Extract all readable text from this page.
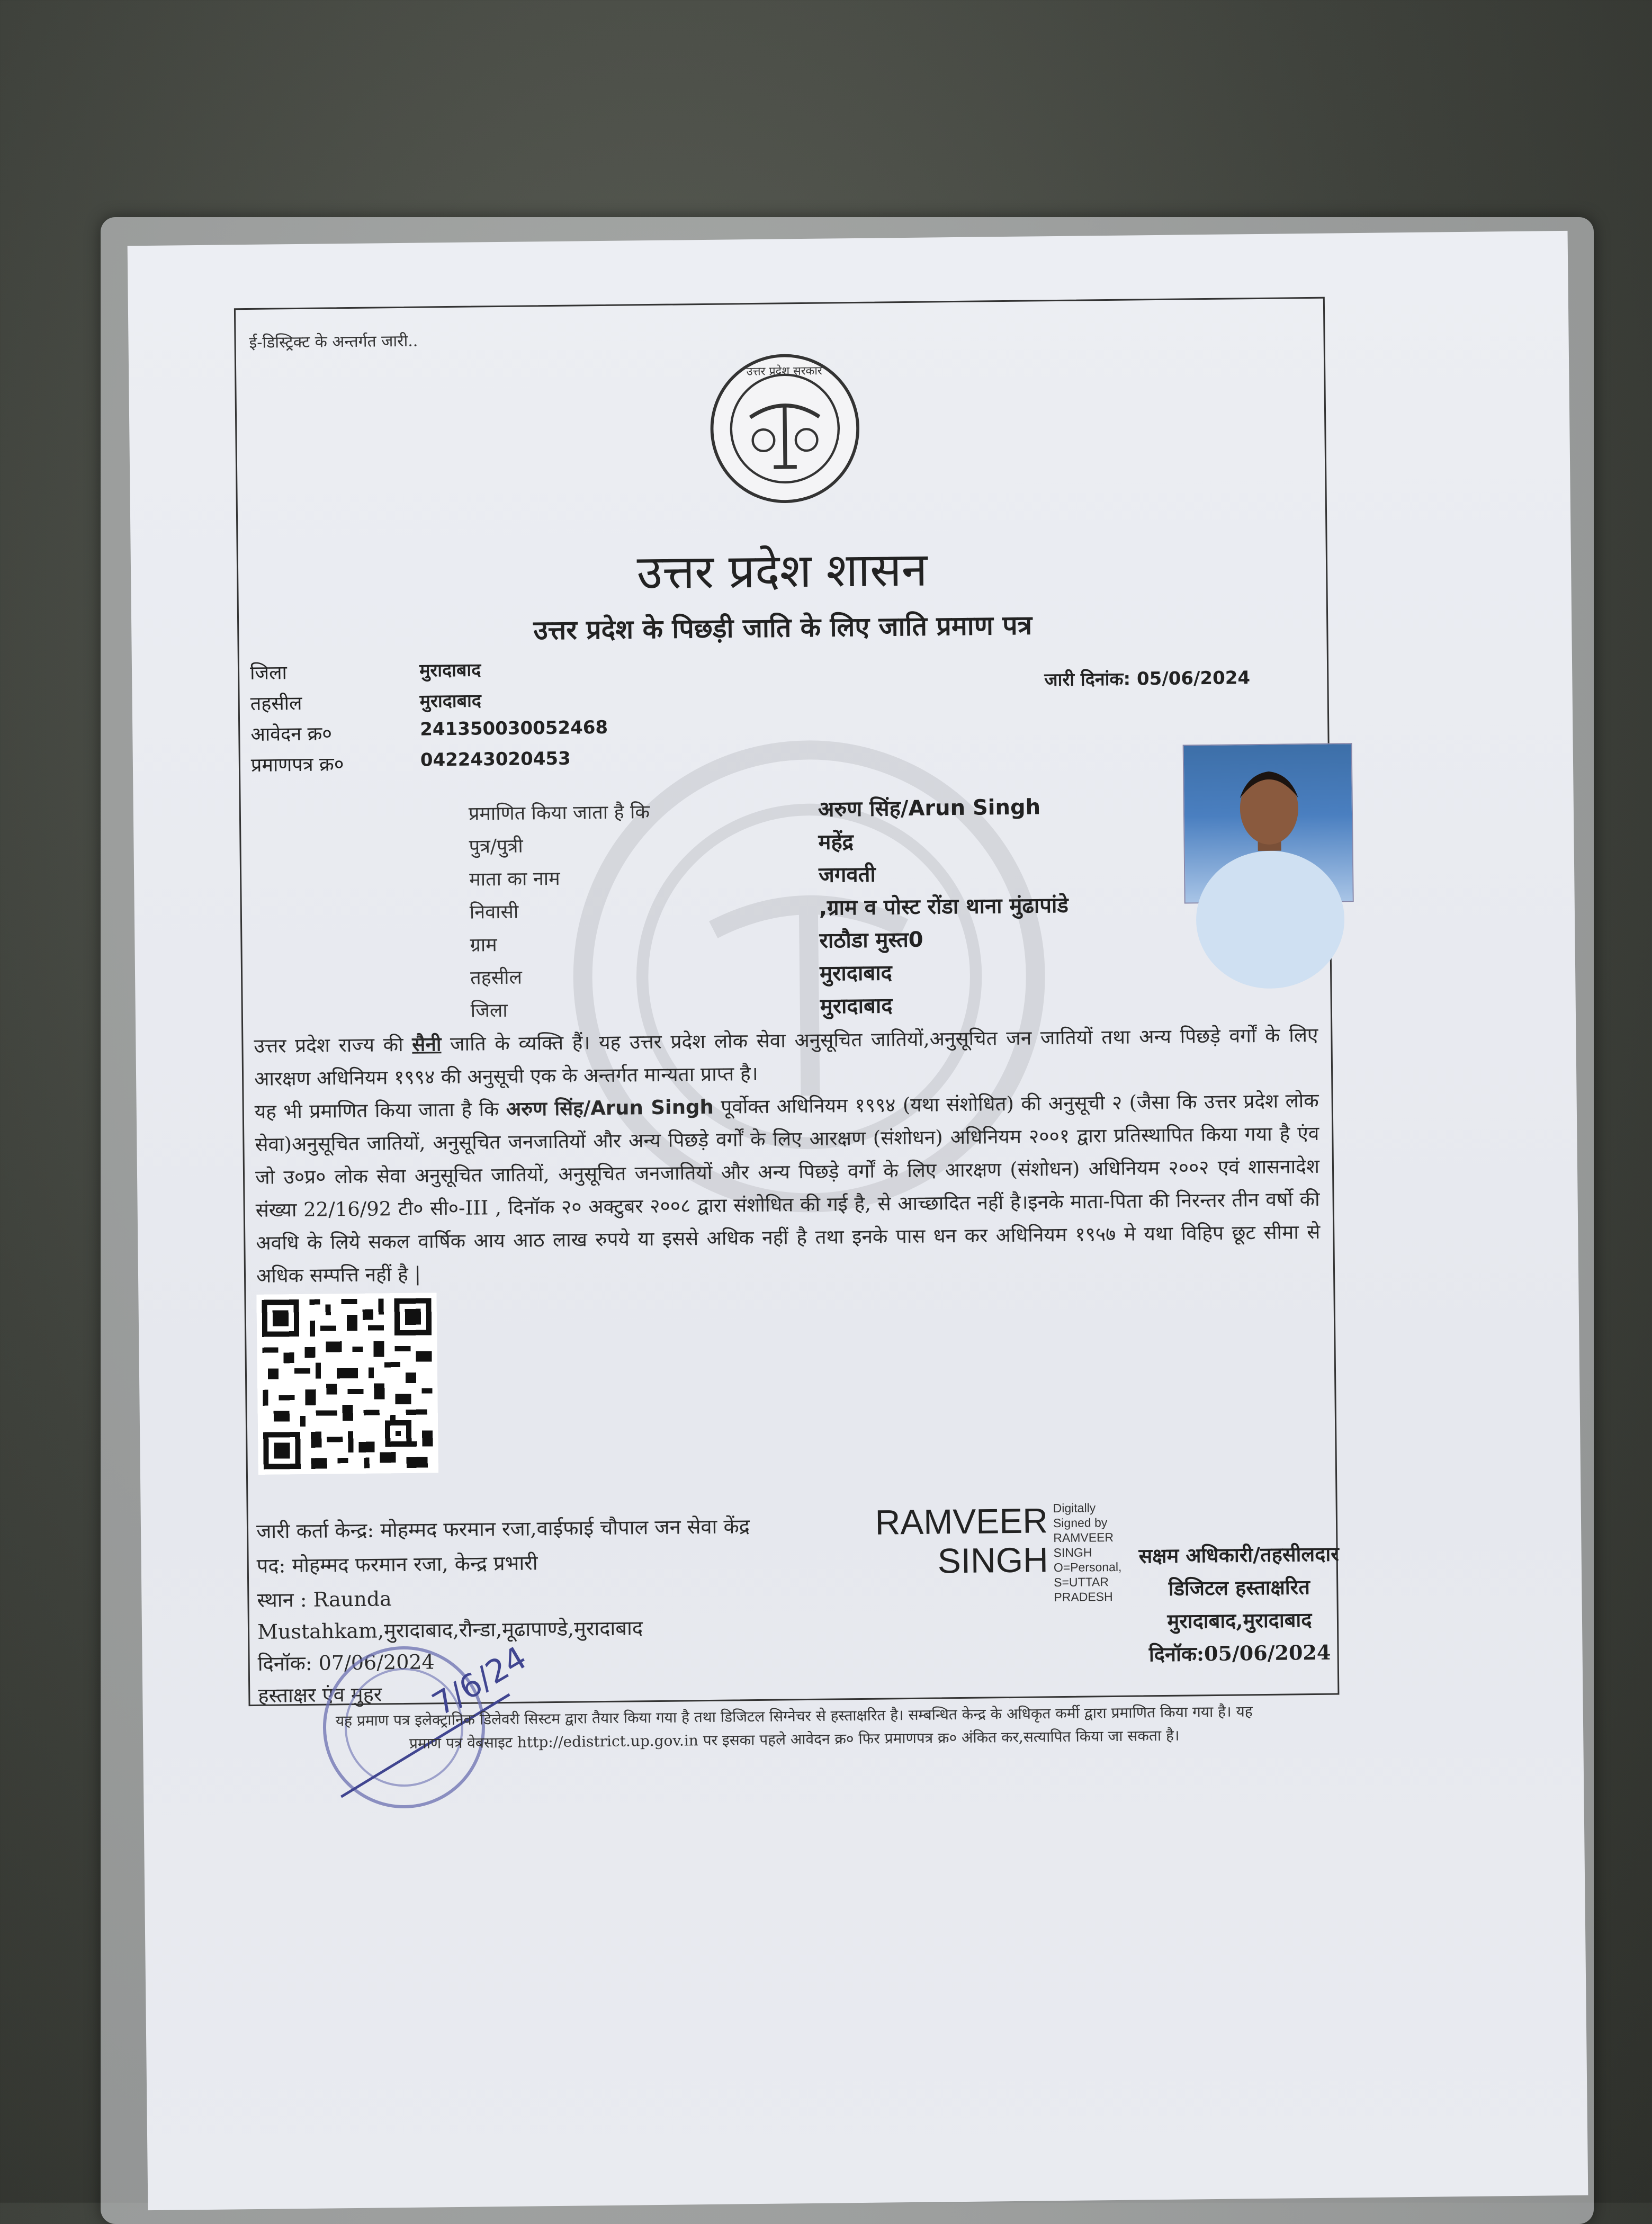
ई-डिस्ट्रिक्ट के अन्तर्गत जारी..
उत्तर प्रदेश सरकार
उत्तर प्रदेश शासन
उत्तर प्रदेश के पिछड़ी जाति के लिए जाति प्रमाण पत्र
जिला	मुरादाबाद
तहसील	मुरादाबाद
आवेदन क्र०	241350030052468
प्रमाणपत्र क्र०	042243020453
जारी दिनांक: 05/06/2024
प्रमाणित किया जाता है कि	अरुण सिंह/Arun Singh
पुत्र/पुत्री	महेंद्र
माता का नाम	जगवती
निवासी	,ग्राम व पोस्ट रोंडा थाना मुंढापांडे
ग्राम	राठौडा मुस्त0
तहसील	मुरादाबाद
जिला	मुरादाबाद
उत्तर प्रदेश राज्य की सैनी जाति के व्यक्ति हैं। यह उत्तर प्रदेश लोक सेवा अनुसूचित जातियों,अनुसूचित जन जातियों तथा अन्य पिछड़े वर्गों के लिए आरक्षण अधिनियम १९९४ की अनुसूची एक के अन्तर्गत मान्यता प्राप्त है।
यह भी प्रमाणित किया जाता है कि अरुण सिंह/Arun Singh पूर्वोक्त अधिनियम १९९४ (यथा संशोधित) की अनुसूची २ (जैसा कि उत्तर प्रदेश लोक सेवा)अनुसूचित जातियों, अनुसूचित जनजातियों और अन्य पिछड़े वर्गों के लिए आरक्षण (संशोधन) अधिनियम २००१ द्वारा प्रतिस्थापित किया गया है एंव जो उ०प्र० लोक सेवा अनुसूचित जातियों, अनुसूचित जनजातियों और अन्य पिछड़े वर्गों के लिए आरक्षण (संशोधन) अधिनियम २००२ एवं शासनादेश संख्या 22/16/92 टी० सी०-III , दिनॉक २० अक्टुबर २००८ द्वारा संशोधित की गई है, से आच्छादित नहीं है।इनके माता-पिता की निरन्तर तीन वर्षो की अवधि के लिये सकल वार्षिक आय आठ लाख रुपये या इससे अधिक नहीं है तथा इनके पास धन कर अधिनियम १९५७ मे यथा विहिप छूट सीमा से अधिक सम्पत्ति नहीं है |
जारी कर्ता केन्द्र: मोहम्मद फरमान रजा,वाईफाई चौपाल जन सेवा केंद्र
पद: मोहम्मद फरमान रजा, केन्द्र प्रभारी
स्थान : Raunda
Mustahkam,मुरादाबाद,रौन्डा,मूढापाण्डे,मुरादाबाद
दिनॉक: 07/06/2024
हस्ताक्षर एंव मुहर
RAMVEER
SINGH
Digitally
Signed by
RAMVEER
SINGH
O=Personal,
S=UTTAR
PRADESH
सक्षम अधिकारी/तहसीलदार
डिजिटल हस्ताक्षरित
मुरादाबाद,मुरादाबाद
दिनॉक:05/06/2024
7/6/24
यह प्रमाण पत्र इलेक्ट्रानिक डिलेवरी सिस्टम द्वारा तैयार किया गया है तथा डिजिटल सिग्नेचर से हस्ताक्षरित है। सम्बन्धित केन्द्र के अधिकृत कर्मी द्वारा प्रमाणित किया गया है। यह
प्रमाण पत्र वेबसाइट http://edistrict.up.gov.in पर इसका पहले आवेदन क्र० फिर प्रमाणपत्र क्र० अंकित कर,सत्यापित किया जा सकता है।
